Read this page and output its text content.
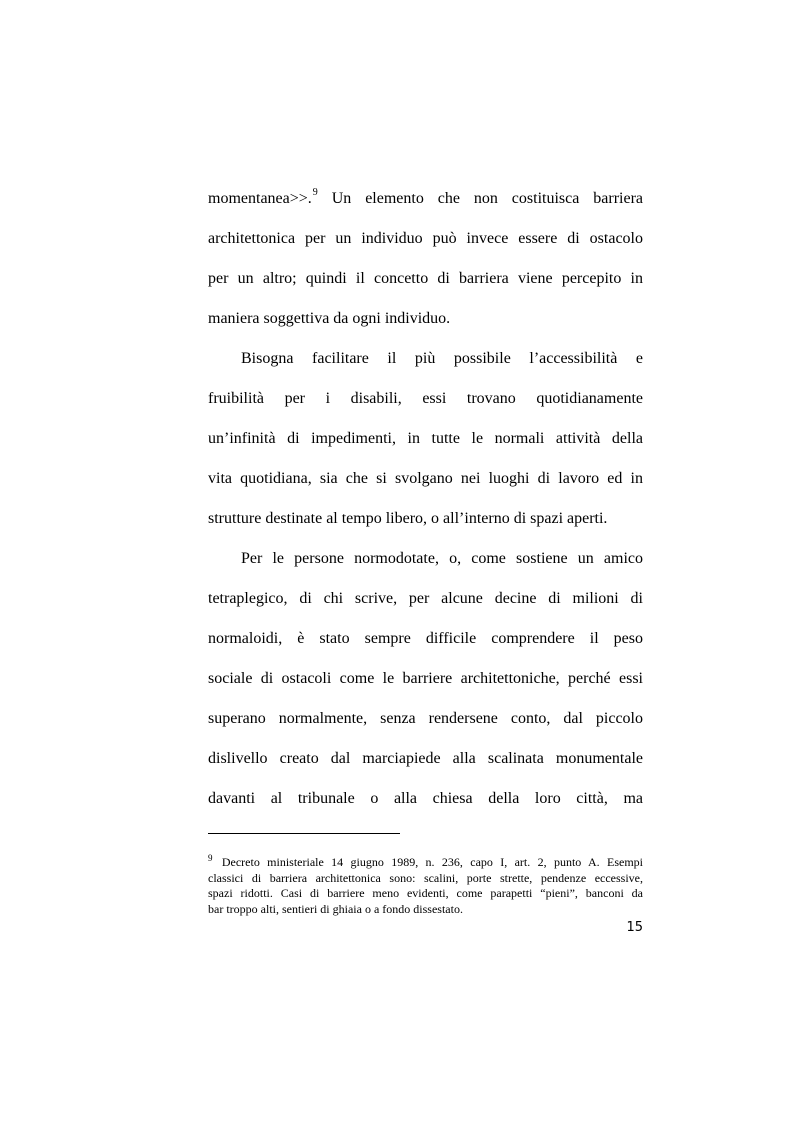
momentanea>>.$^9$ Un elemento che non costituisca barriera
architettonica per un individuo può invece essere di ostacolo
per un altro; quindi il concetto di barriera viene percepito in
maniera soggettiva da ogni individuo.
Bisogna facilitare il più possibile l’accessibilità e
fruibilità per i disabili, essi trovano quotidianamente
un’infinità di impedimenti, in tutte le normali attività della
vita quotidiana, sia che si svolgano nei luoghi di lavoro ed in
strutture destinate al tempo libero, o all’interno di spazi aperti.
Per le persone normodotate, o, come sostiene un amico
tetraplegico, di chi scrive, per alcune decine di milioni di
normaloidi, è stato sempre difficile comprendere il peso
sociale di ostacoli come le barriere architettoniche, perché essi
superano normalmente, senza rendersene conto, dal piccolo
dislivello creato dal marciapiede alla scalinata monumentale
davanti al tribunale o alla chiesa della loro città, ma
$^9$ Decreto ministeriale 14 giugno 1989, n. 236, capo I, art. 2, punto A. Esempi
classici di barriera architettonica sono: scalini, porte strette, pendenze eccessive,
spazi ridotti. Casi di barriere meno evidenti, come parapetti “pieni”, banconi da
bar troppo alti, sentieri di ghiaia o a fondo dissestato.
15
